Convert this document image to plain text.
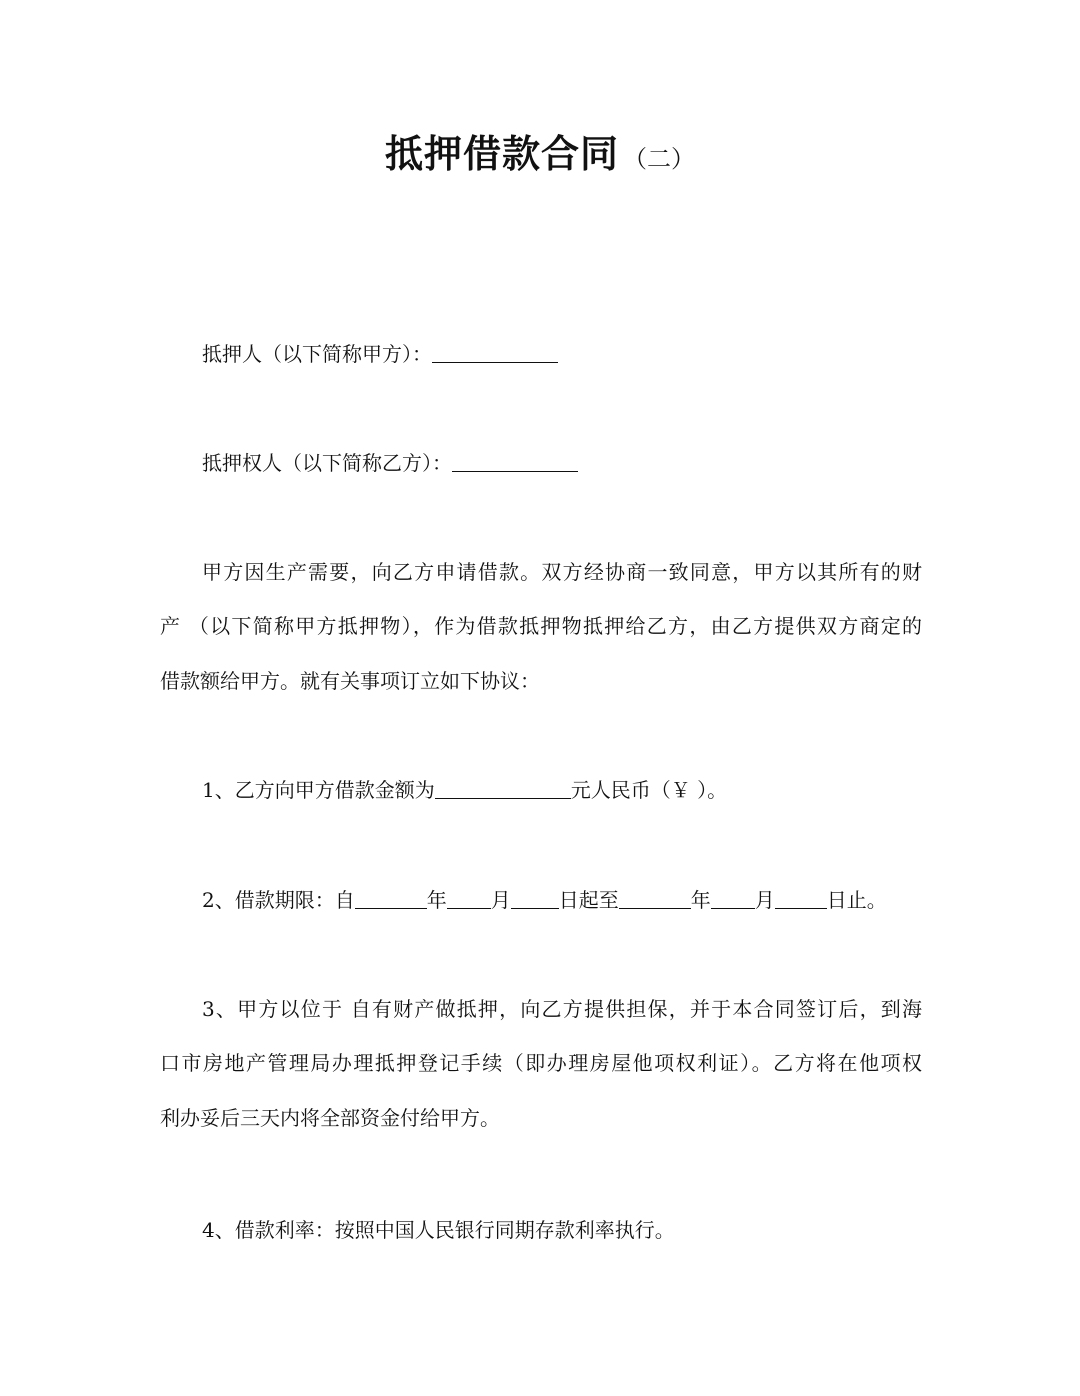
抵押借款合同 （二）
抵押人（以下简称甲方）：
抵押权人（以下简称乙方）：
甲方因生产需要，向乙方申请借款。双方经协商一致同意，甲方以其所有的财
产 （以下简称甲方抵押物），作为借款抵押物抵押给乙方，由乙方提供双方商定的
借款额给甲方。就有关事项订立如下协议：
1、乙方向甲方借款金额为	元人民币（￥ ）。
2、借款期限：自	年 月 日起至	年 月	日止。
3、甲方以位于 自有财产做抵押，向乙方提供担保，并于本合同签订后，到海
口市房地产管理局办理抵押登记手续（即办理房屋他项权利证）。乙方将在他项权
利办妥后三天内将全部资金付给甲方。
4、借款利率：按照中国人民银行同期存款利率执行。
